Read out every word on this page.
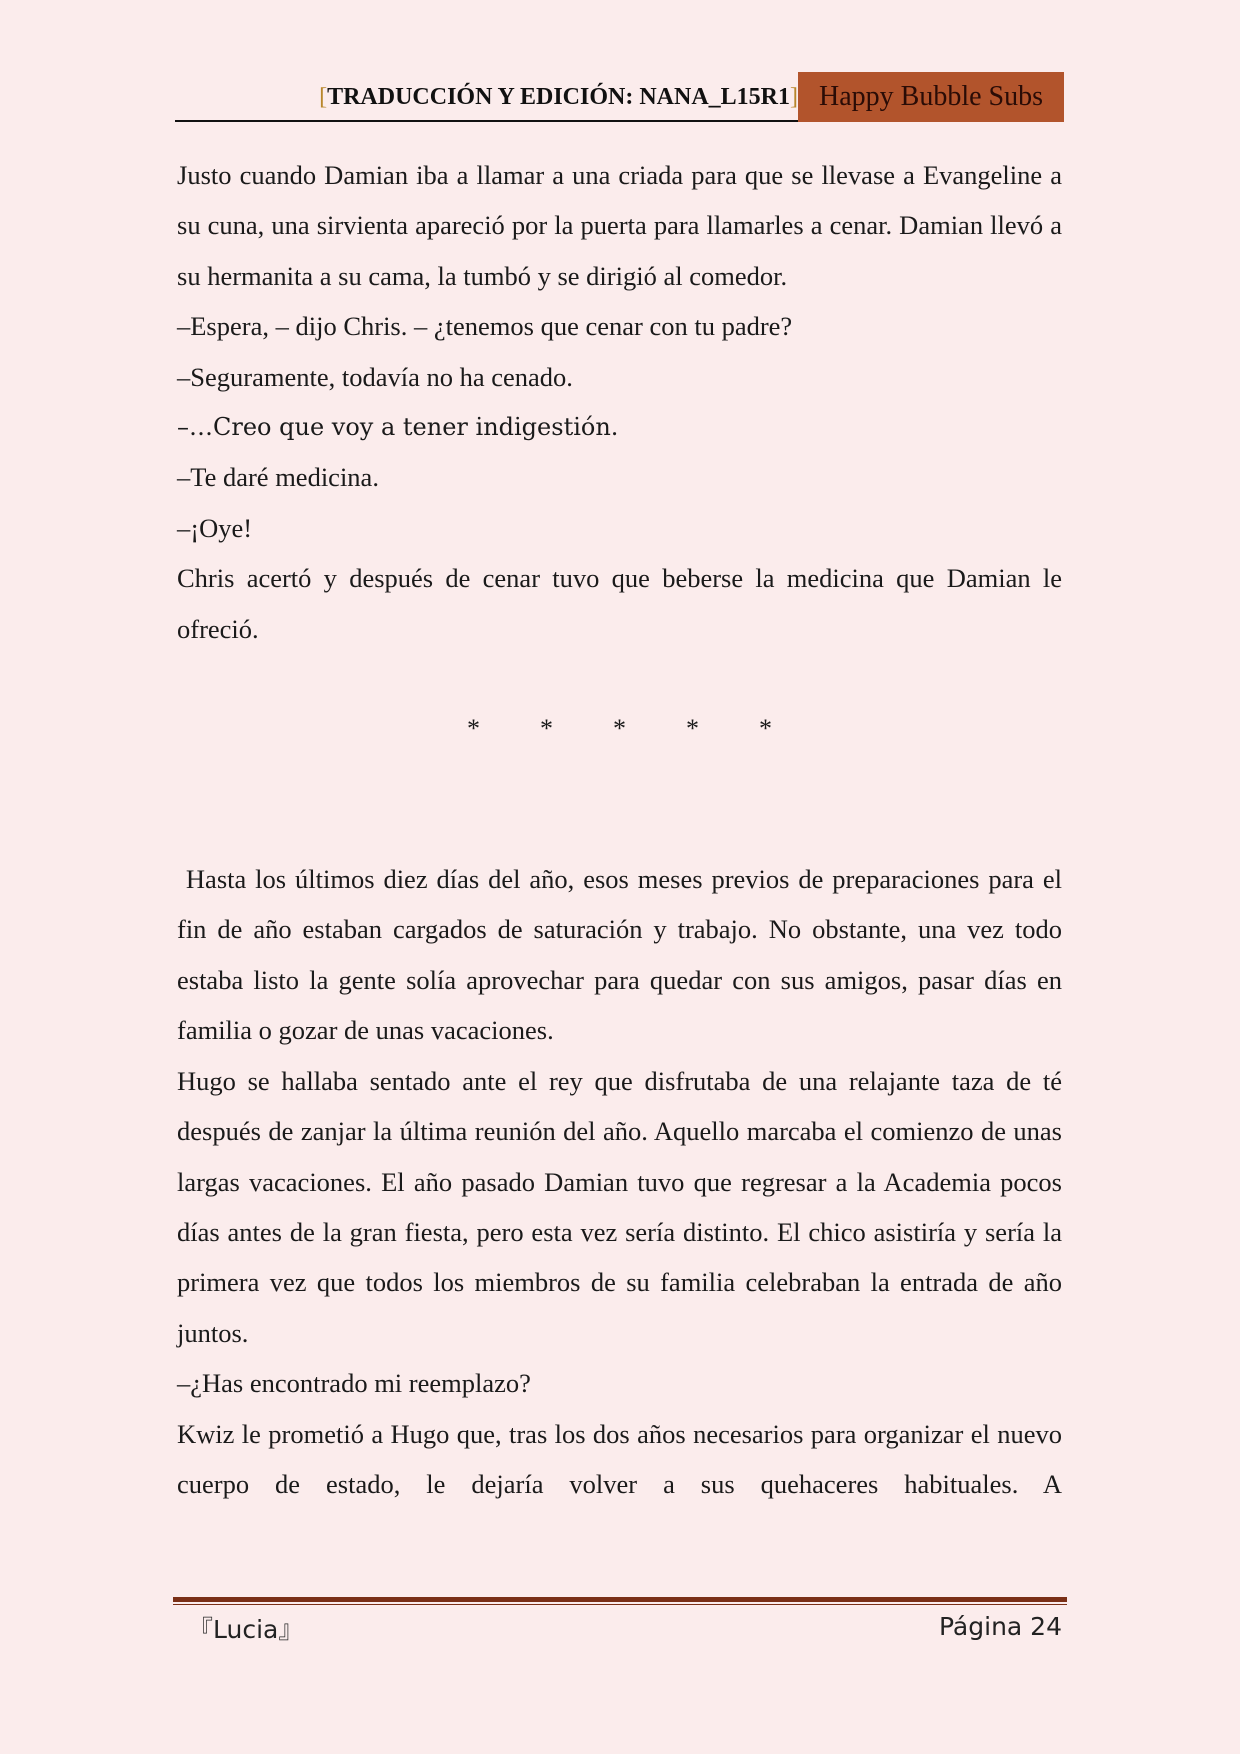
[TRADUCCIÓN Y EDICIÓN: NANA_L15R1] Happy Bubble Subs

Justo cuando Damian iba a llamar a una criada para que se llevase a Evangeline a su cuna, una sirvienta apareció por la puerta para llamarles a cenar. Damian llevó a su hermanita a su cama, la tumbó y se dirigió al comedor.

–Espera, – dijo Chris. – ¿tenemos que cenar con tu padre?

–Seguramente, todavía no ha cenado.

–…Creo que voy a tener indigestión.

–Te daré medicina.

–¡Oye!

Chris acertó y después de cenar tuvo que beberse la medicina que Damian le ofreció.

* * * * *

Hasta los últimos diez días del año, esos meses previos de preparaciones para el fin de año estaban cargados de saturación y trabajo. No obstante, una vez todo estaba listo la gente solía aprovechar para quedar con sus amigos, pasar días en familia o gozar de unas vacaciones.

Hugo se hallaba sentado ante el rey que disfrutaba de una relajante taza de té después de zanjar la última reunión del año. Aquello marcaba el comienzo de unas largas vacaciones. El año pasado Damian tuvo que regresar a la Academia pocos días antes de la gran fiesta, pero esta vez sería distinto. El chico asistiría y sería la primera vez que todos los miembros de su familia celebraban la entrada de año juntos.

–¿Has encontrado mi reemplazo?

Kwiz le prometió a Hugo que, tras los dos años necesarios para organizar el nuevo cuerpo de estado, le dejaría volver a sus quehaceres habituales. A

『Lucia』	Página 24
